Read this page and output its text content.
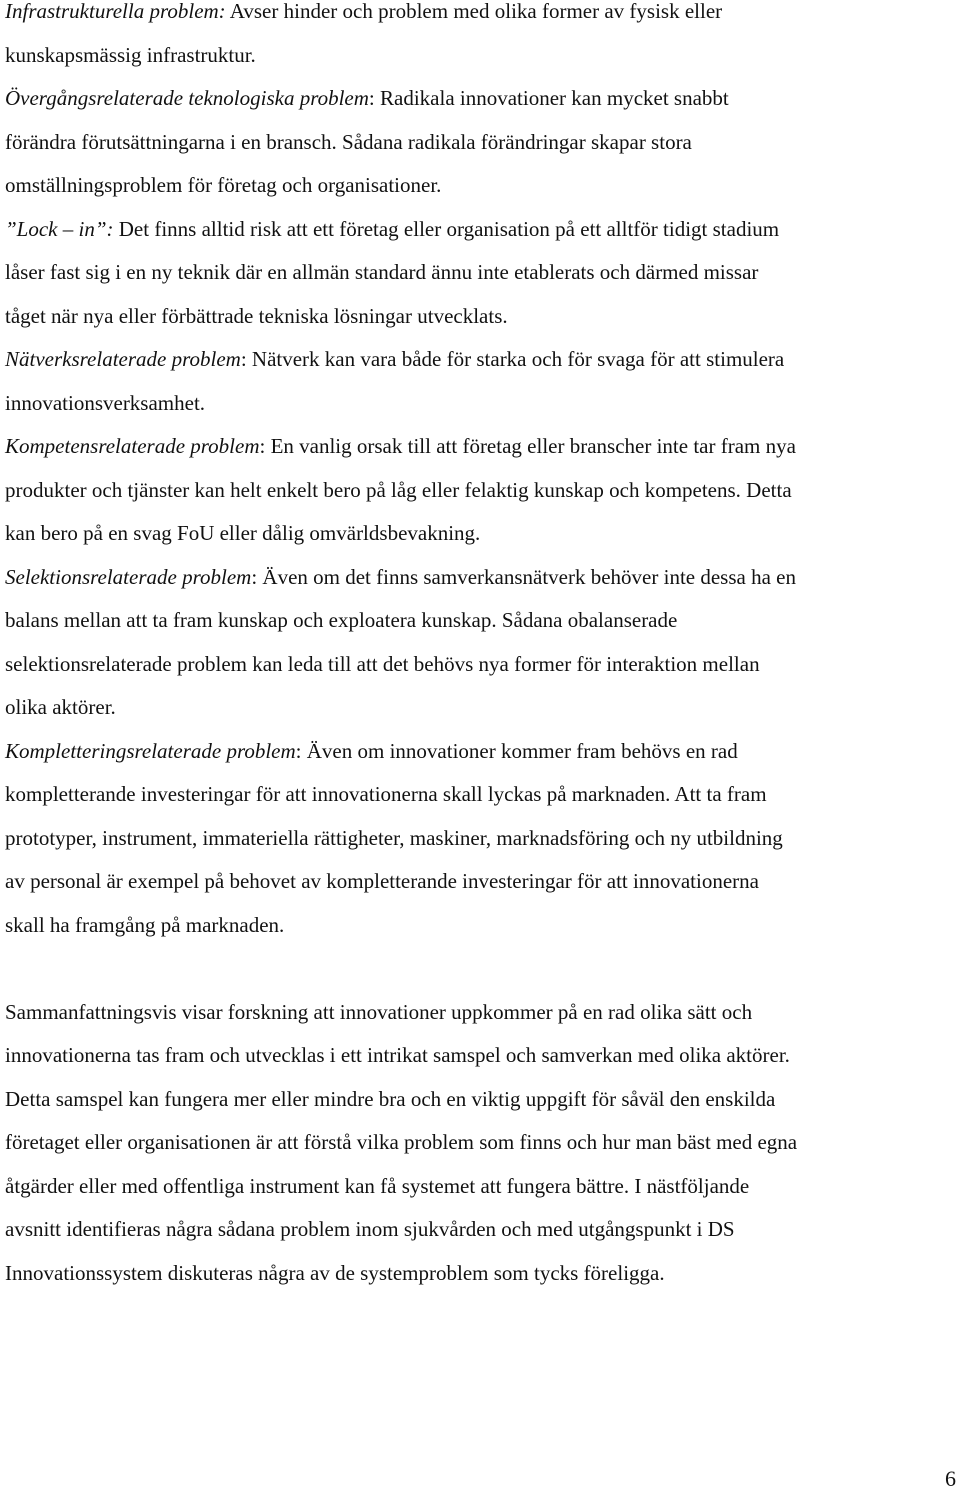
Infrastrukturella problem: Avser hinder och problem med olika former av fysisk eller
kunskapsmässig infrastruktur.

Övergångsrelaterade teknologiska problem: Radikala innovationer kan mycket snabbt
förändra förutsättningarna i en bransch. Sådana radikala förändringar skapar stora
omställningsproblem för företag och organisationer.

”Lock – in”: Det finns alltid risk att ett företag eller organisation på ett alltför tidigt stadium
låser fast sig i en ny teknik där en allmän standard ännu inte etablerats och därmed missar
tåget när nya eller förbättrade tekniska lösningar utvecklats.

Nätverksrelaterade problem: Nätverk kan vara både för starka och för svaga för att stimulera
innovationsverksamhet.

Kompetensrelaterade problem: En vanlig orsak till att företag eller branscher inte tar fram nya
produkter och tjänster kan helt enkelt bero på låg eller felaktig kunskap och kompetens. Detta
kan bero på en svag FoU eller dålig omvärldsbevakning.

Selektionsrelaterade problem: Även om det finns samverkansnätverk behöver inte dessa ha en
balans mellan att ta fram kunskap och exploatera kunskap. Sådana obalanserade
selektionsrelaterade problem kan leda till att det behövs nya former för interaktion mellan
olika aktörer.

Kompletteringsrelaterade problem: Även om innovationer kommer fram behövs en rad
kompletterande investeringar för att innovationerna skall lyckas på marknaden. Att ta fram
prototyper, instrument, immateriella rättigheter, maskiner, marknadsföring och ny utbildning
av personal är exempel på behovet av kompletterande investeringar för att innovationerna
skall ha framgång på marknaden.

Sammanfattningsvis visar forskning att innovationer uppkommer på en rad olika sätt och
innovationerna tas fram och utvecklas i ett intrikat samspel och samverkan med olika aktörer.
Detta samspel kan fungera mer eller mindre bra och en viktig uppgift för såväl den enskilda
företaget eller organisationen är att förstå vilka problem som finns och hur man bäst med egna
åtgärder eller med offentliga instrument kan få systemet att fungera bättre. I nästföljande
avsnitt identifieras några sådana problem inom sjukvården och med utgångspunkt i DS
Innovationssystem diskuteras några av de systemproblem som tycks föreligga.

6
